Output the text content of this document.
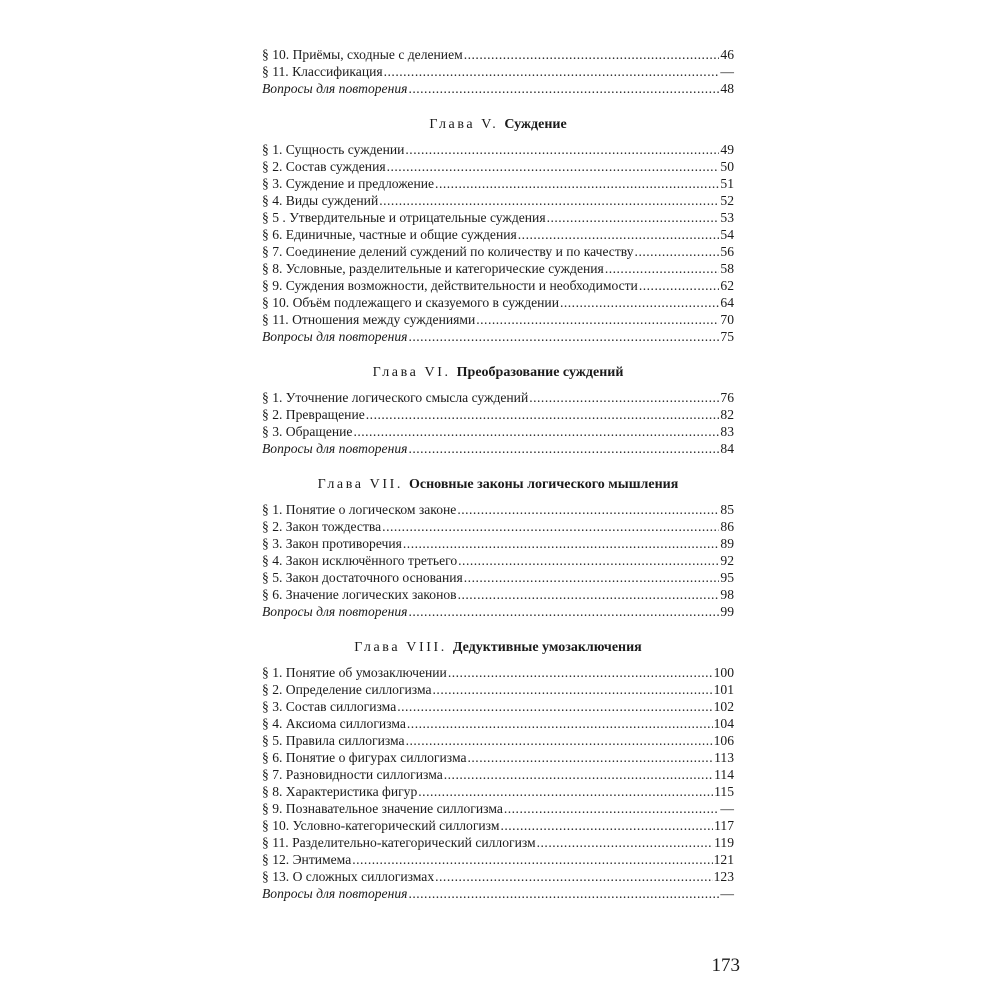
§ 10. Приёмы, сходные с делением .....	46
§ 11. Классификация .....	—
Вопросы для повторения .....	48
Глава V. Суждение
§ 1. Сущность суждении .....	49
§ 2. Состав суждения .....	50
§ 3. Суждение и предложение .....	51
§ 4. Виды суждений .....	52
§ 5 . Утвердительные и отрицательные суждения .....	53
§ 6. Единичные, частные и общие суждения .....	54
§ 7. Соединение делений суждений по количеству и по качеству .....	56
§ 8. Условные, разделительные и категорические суждения .....	58
§ 9. Суждения возможности, действительности и необходимости .....	62
§ 10. Объём подлежащего и сказуемого в суждении .....	64
§ 11. Отношения между суждениями .....	70
Вопросы для повторения .....	75
Глава VI. Преобразование суждений
§ 1. Уточнение логического смысла суждений .....	76
§ 2. Превращение .....	82
§ 3. Обращение .....	83
Вопросы для повторения .....	84
Глава VII. Основные законы логического мышления
§ 1. Понятие о логическом законе .....	85
§ 2. Закон тождества .....	86
§ 3. Закон противоречия .....	89
§ 4. Закон исключённого третьего .....	92
§ 5. Закон достаточного основания .....	95
§ 6. Значение логических законов .....	98
Вопросы для повторения .....	99
Глава VIII. Дедуктивные умозаключения
§ 1. Понятие об умозаключении .....	100
§ 2. Определение силлогизма .....	101
§ 3. Состав силлогизма .....	102
§ 4. Аксиома силлогизма .....	104
§ 5. Правила силлогизма .....	106
§ 6. Понятие о фигурах силлогизма .....	113
§ 7. Разновидности силлогизма .....	114
§ 8. Характеристика фигур .....	115
§ 9. Познавательное значение силлогизма .....	—
§ 10. Условно-категорический силлогизм .....	117
§ 11. Разделительно-категорический силлогизм .....	119
§ 12. Энтимема .....	121
§ 13. О сложных силлогизмах .....	123
Вопросы для повторения .....	—
173
